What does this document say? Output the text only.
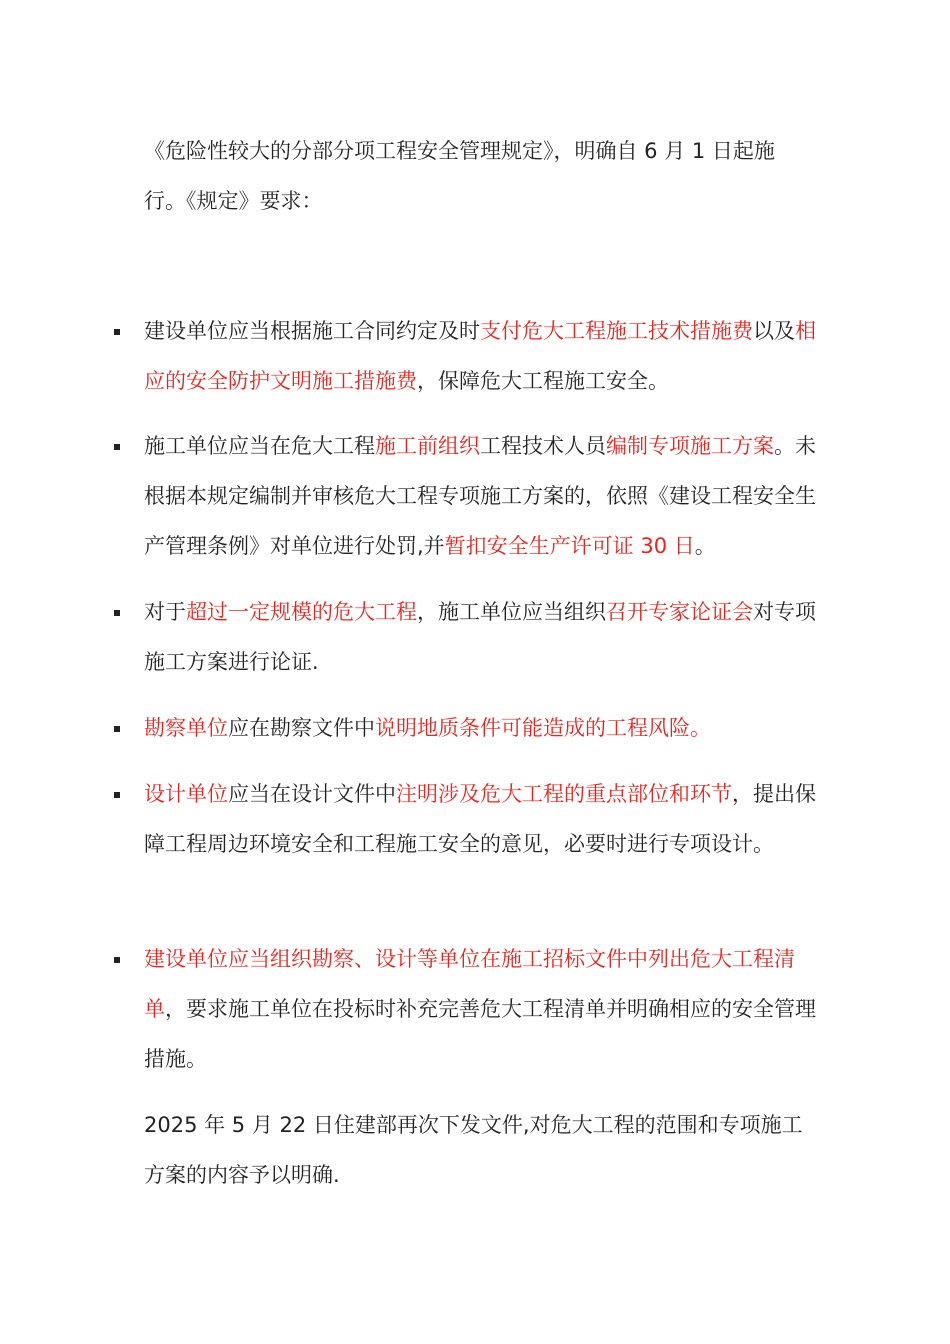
《危险性较大的分部分项工程安全管理规定》，明确自 6 月 1 日起施行。《规定》要求：

建设单位应当根据施工合同约定及时支付危大工程施工技术措施费以及相应的安全防护文明施工措施费，保障危大工程施工安全。

施工单位应当在危大工程施工前组织工程技术人员编制专项施工方案。未根据本规定编制并审核危大工程专项施工方案的，依照《建设工程安全生产管理条例》对单位进行处罚,并暂扣安全生产许可证 30 日。

对于超过一定规模的危大工程，施工单位应当组织召开专家论证会对专项施工方案进行论证.

勘察单位应在勘察文件中说明地质条件可能造成的工程风险。

设计单位应当在设计文件中注明涉及危大工程的重点部位和环节，提出保障工程周边环境安全和工程施工安全的意见，必要时进行专项设计。

建设单位应当组织勘察、设计等单位在施工招标文件中列出危大工程清单，要求施工单位在投标时补充完善危大工程清单并明确相应的安全管理措施。

2025 年 5 月 22 日住建部再次下发文件,对危大工程的范围和专项施工方案的内容予以明确.
